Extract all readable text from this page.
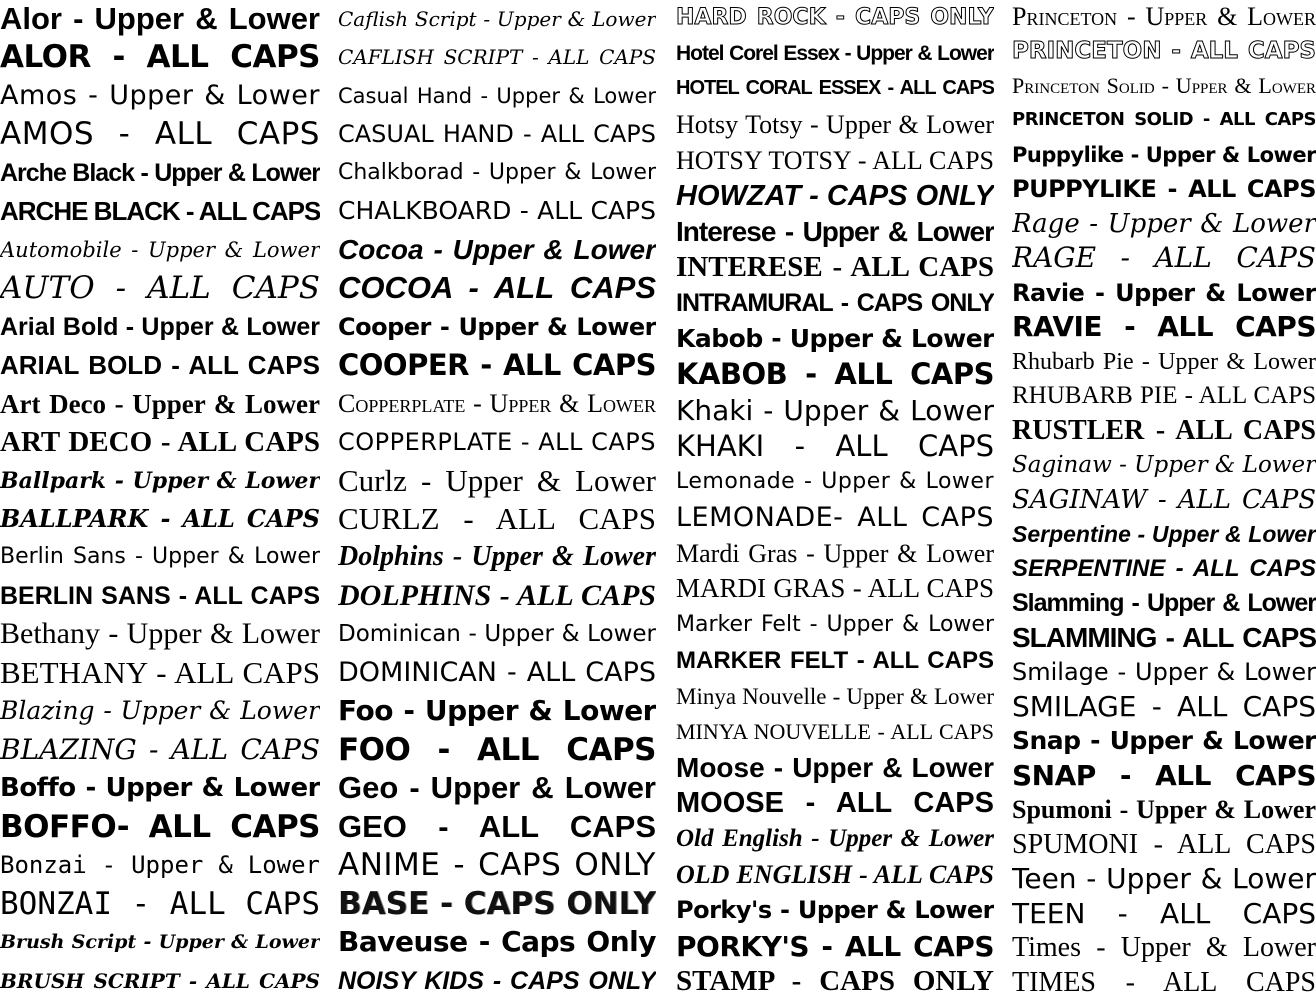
Alor - Upper & Lower
ALOR - ALL CAPS
Amos - Upper & Lower
AMOS - ALL CAPS
Arche Black - Upper & Lower
ARCHE BLACK - ALL CAPS
Automobile - Upper & Lower
AUTO - ALL CAPS
Arial Bold - Upper & Lower
ARIAL BOLD - ALL CAPS
Art Deco - Upper & Lower
ART DECO - ALL CAPS
Ballpark - Upper & Lower
BALLPARK - ALL CAPS
Berlin Sans - Upper & Lower
BERLIN SANS - ALL CAPS
Bethany - Upper & Lower
BETHANY - ALL CAPS
Blazing - Upper & Lower
BLAZING - ALL CAPS
Boffo - Upper & Lower
BOFFO- ALL CAPS
Bonzai - Upper & Lower
BONZAI - ALL CAPS
Brush Script - Upper & Lower
BRUSH SCRIPT - ALL CAPS
Caflish Script - Upper & Lower
CAFLISH SCRIPT - ALL CAPS
Casual Hand - Upper & Lower
CASUAL HAND - ALL CAPS
Chalkborad - Upper & Lower
CHALKBOARD - ALL CAPS
Cocoa - Upper & Lower
COCOA - ALL CAPS
Cooper - Upper & Lower
COOPER - ALL CAPS
Copperplate - Upper & Lower
COPPERPLATE - ALL CAPS
Curlz - Upper & Lower
CURLZ - ALL CAPS
Dolphins - Upper & Lower
DOLPHINS - ALL CAPS
Dominican - Upper & Lower
DOMINICAN - ALL CAPS
Foo - Upper & Lower
FOO - ALL CAPS
Geo - Upper & Lower
GEO - ALL CAPS
ANIME - CAPS ONLY
BASE - CAPS ONLY
Baveuse - Caps Only
NOISY KIDS - CAPS ONLY
HARD ROCK - CAPS ONLY
Hotel Corel Essex - Upper & Lower
HOTEL CORAL ESSEX - ALL CAPS
Hotsy Totsy - Upper & Lower
HOTSY TOTSY - ALL CAPS
HOWZAT - CAPS ONLY
Interese - Upper & Lower
INTERESE - ALL CAPS
INTRAMURAL - CAPS ONLY
Kabob - Upper & Lower
KABOB - ALL CAPS
Khaki - Upper & Lower
KHAKI - ALL CAPS
Lemonade - Upper & Lower
LEMONADE- ALL CAPS
Mardi Gras - Upper & Lower
MARDI GRAS - ALL CAPS
Marker Felt - Upper & Lower
MARKER FELT - ALL CAPS
Minya Nouvelle - Upper & Lower
MINYA NOUVELLE - ALL CAPS
Moose - Upper & Lower
MOOSE - ALL CAPS
Old English - Upper & Lower
OLD ENGLISH - ALL CAPS
Porky's - Upper & Lower
PORKY'S - ALL CAPS
STAMP - CAPS ONLY
Princeton - Upper & Lower
PRINCETON - ALL CAPS
Princeton Solid - Upper & Lower
PRINCETON SOLID - ALL CAPS
Puppylike - Upper & Lower
PUPPYLIKE - ALL CAPS
Rage - Upper & Lower
RAGE - ALL CAPS
Ravie - Upper & Lower
RAVIE - ALL CAPS
Rhubarb Pie - Upper & Lower
RHUBARB PIE - ALL CAPS
RUSTLER - ALL CAPS
Saginaw - Upper & Lower
SAGINAW - ALL CAPS
Serpentine - Upper & Lower
SERPENTINE - ALL CAPS
Slamming - Upper & Lower
SLAMMING - ALL CAPS
Smilage - Upper & Lower
SMILAGE - ALL CAPS
Snap - Upper & Lower
SNAP - ALL CAPS
Spumoni - Upper & Lower
SPUMONI - ALL CAPS
Teen - Upper & Lower
TEEN - ALL CAPS
Times - Upper & Lower
TIMES - ALL CAPS
